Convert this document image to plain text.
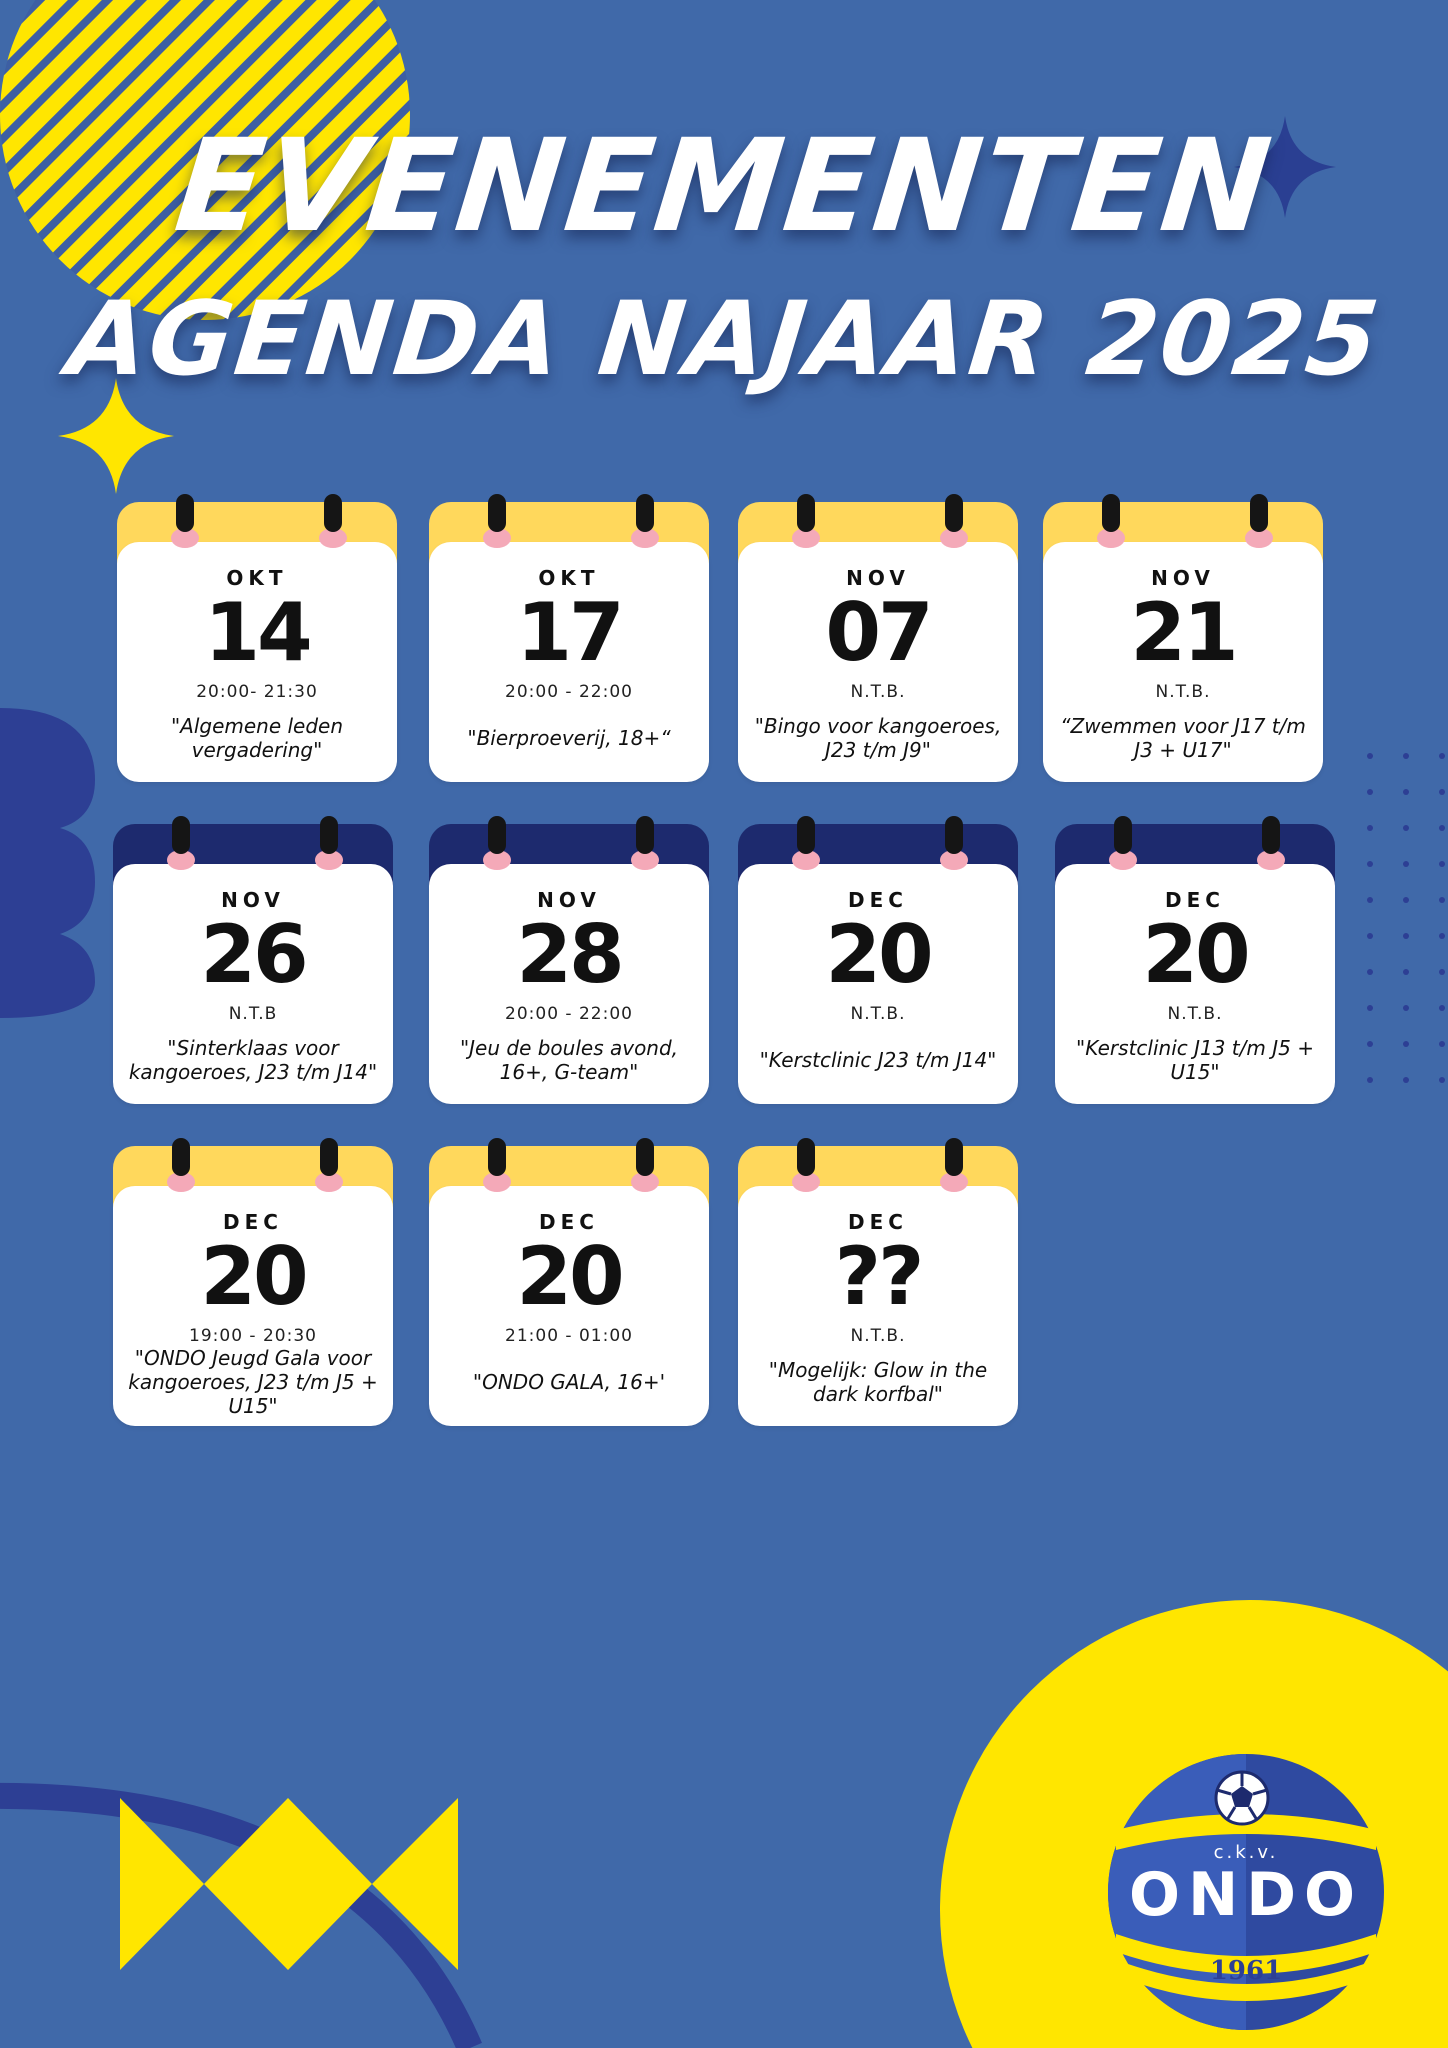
EVENEMENTEN
AGENDA NAJAAR 2025
OKT
14
20:00- 21:30
"Algemene leden vergadering"
OKT
17
20:00 - 22:00
"Bierproeverij, 18+“
NOV
07
N.T.B.
"Bingo voor kangoeroes, J23 t/m J9"
NOV
21
N.T.B.
“Zwemmen voor J17 t/m J3 + U17"
NOV
26
N.T.B
"Sinterklaas voor kangoeroes, J23 t/m J14"
NOV
28
20:00 - 22:00
"Jeu de boules avond, 16+, G-team"
DEC
20
N.T.B.
"Kerstclinic J23 t/m J14"
DEC
20
N.T.B.
"Kerstclinic J13 t/m J5 + U15"
DEC
20
19:00 - 20:30
"ONDO Jeugd Gala voor kangoeroes, J23 t/m J5 + U15"
DEC
20
21:00 - 01:00
"ONDO GALA, 16+'
DEC
??
N.T.B.
"Mogelijk: Glow in the dark korfbal"
c.k.v.
ONDO
1961
